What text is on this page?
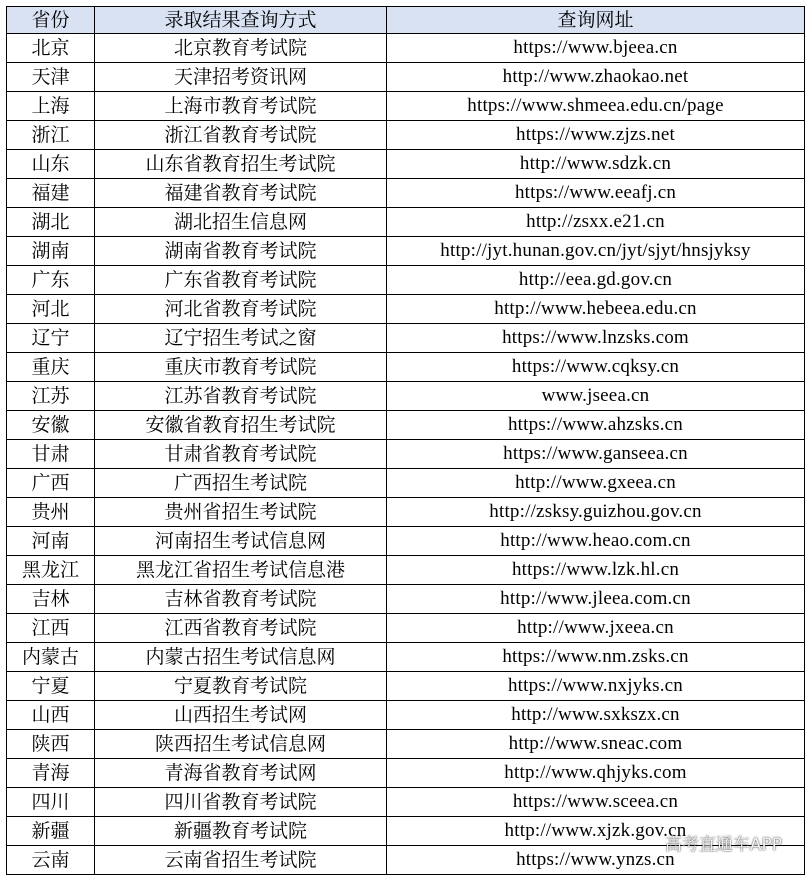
省份	录取结果查询方式	查询网址
北京	北京教育考试院	https://www.bjeea.cn
天津	天津招考资讯网	http://www.zhaokao.net
上海	上海市教育考试院	https://www.shmeea.edu.cn/page
浙江	浙江省教育考试院	https://www.zjzs.net
山东	山东省教育招生考试院	http://www.sdzk.cn
福建	福建省教育考试院	https://www.eeafj.cn
湖北	湖北招生信息网	http://zsxx.e21.cn
湖南	湖南省教育考试院	http://jyt.hunan.gov.cn/jyt/sjyt/hnsjyksy
广东	广东省教育考试院	http://eea.gd.gov.cn
河北	河北省教育考试院	http://www.hebeea.edu.cn
辽宁	辽宁招生考试之窗	https://www.lnzsks.com
重庆	重庆市教育考试院	https://www.cqksy.cn
江苏	江苏省教育考试院	www.jseea.cn
安徽	安徽省教育招生考试院	https://www.ahzsks.cn
甘肃	甘肃省教育考试院	https://www.ganseea.cn
广西	广西招生考试院	http://www.gxeea.cn
贵州	贵州省招生考试院	http://zsksy.guizhou.gov.cn
河南	河南招生考试信息网	http://www.heao.com.cn
黑龙江	黑龙江省招生考试信息港	https://www.lzk.hl.cn
吉林	吉林省教育考试院	http://www.jleea.com.cn
江西	江西省教育考试院	http://www.jxeea.cn
内蒙古	内蒙古招生考试信息网	https://www.nm.zsks.cn
宁夏	宁夏教育考试院	https://www.nxjyks.cn
山西	山西招生考试网	http://www.sxkszx.cn
陕西	陕西招生考试信息网	http://www.sneac.com
青海	青海省教育考试网	http://www.qhjyks.com
四川	四川省教育考试院	https://www.sceea.cn
新疆	新疆教育考试院	http://www.xjzk.gov.cn
云南	云南省招生考试院	https://www.ynzs.cn
高考直通车APP
